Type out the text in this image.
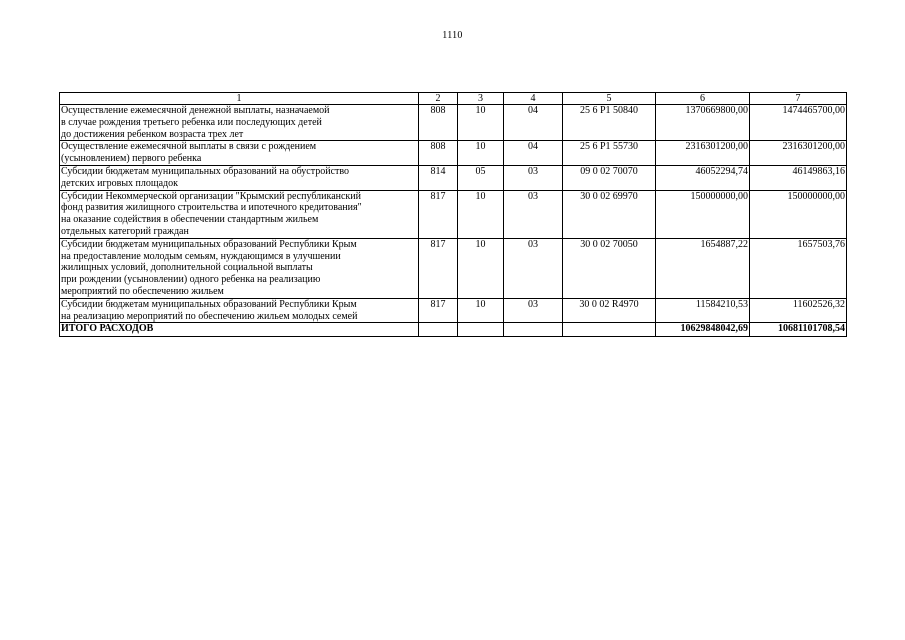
1110
1	2	3	4	5	6	7

Осуществление ежемесячной денежной выплаты, назначаемой
в случае рождения третьего ребенка или последующих детей
до достижения ребенком возраста трех лет	808	10	04	25 6 P1 50840	1370669800,00	1474465700,00

Осуществление ежемесячной выплаты в связи с рождением
(усыновлением) первого ребенка	808	10	04	25 6 P1 55730	2316301200,00	2316301200,00

Субсидии бюджетам муниципальных образований на обустройство
детских игровых площадок	814	05	03	09 0 02 70070	46052294,74	46149863,16

Субсидии Некоммерческой организации "Крымский республиканский
фонд развития жилищного строительства и ипотечного кредитования"
на оказание содействия в обеспечении стандартным жильем
отдельных категорий граждан	817	10	03	30 0 02 69970	150000000,00	150000000,00

Субсидии бюджетам муниципальных образований Республики Крым
на предоставление молодым семьям, нуждающимся в улучшении
жилищных условий, дополнительной социальной выплаты
при рождении (усыновлении) одного ребенка на реализацию
мероприятий по обеспечению жильем	817	10	03	30 0 02 70050	1654887,22	1657503,76

Субсидии бюджетам муниципальных образований Республики Крым
на реализацию мероприятий по обеспечению жильем молодых семей	817	10	03	30 0 02 R4970	11584210,53	11602526,32
ИТОГО РАСХОДОВ					10629848042,69	10681101708,54
